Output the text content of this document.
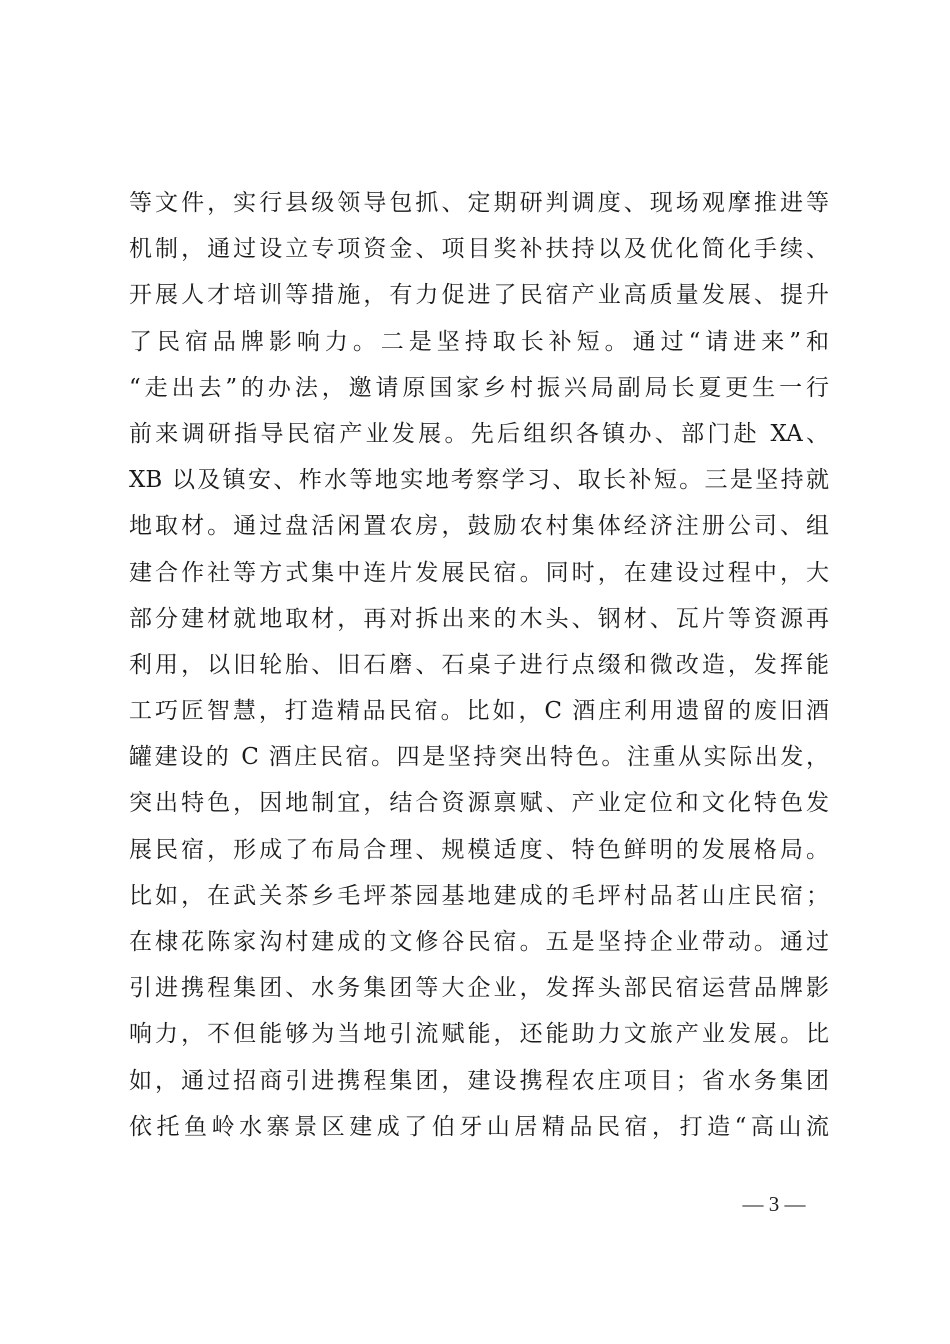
等文件，实行县级领导包抓、定期研判调度、现场观摩推进等
机制，通过设立专项资金、项目奖补扶持以及优化简化手续、
开展人才培训等措施，有力促进了民宿产业高质量发展、提升
了民宿品牌影响力。二是坚持取长补短。通过“请进来”和
“走出去”的办法，邀请原国家乡村振兴局副局长夏更生一行
前来调研指导民宿产业发展。先后组织各镇办、部门赴 XA、
XB 以及镇安、柞水等地实地考察学习、取长补短。三是坚持就
地取材。通过盘活闲置农房，鼓励农村集体经济注册公司、组
建合作社等方式集中连片发展民宿。同时，在建设过程中，大
部分建材就地取材，再对拆出来的木头、钢材、瓦片等资源再
利用，以旧轮胎、旧石磨、石桌子进行点缀和微改造，发挥能
工巧匠智慧，打造精品民宿。比如，C 酒庄利用遗留的废旧酒
罐建设的 C 酒庄民宿。四是坚持突出特色。注重从实际出发，
突出特色，因地制宜，结合资源禀赋、产业定位和文化特色发
展民宿，形成了布局合理、规模适度、特色鲜明的发展格局。
比如，在武关茶乡毛坪茶园基地建成的毛坪村品茗山庄民宿；
在棣花陈家沟村建成的文修谷民宿。五是坚持企业带动。通过
引进携程集团、水务集团等大企业，发挥头部民宿运营品牌影
响力，不但能够为当地引流赋能，还能助力文旅产业发展。比
如，通过招商引进携程集团，建设携程农庄项目；省水务集团
依托鱼岭水寨景区建成了伯牙山居精品民宿，打造“高山流
— 3 —
